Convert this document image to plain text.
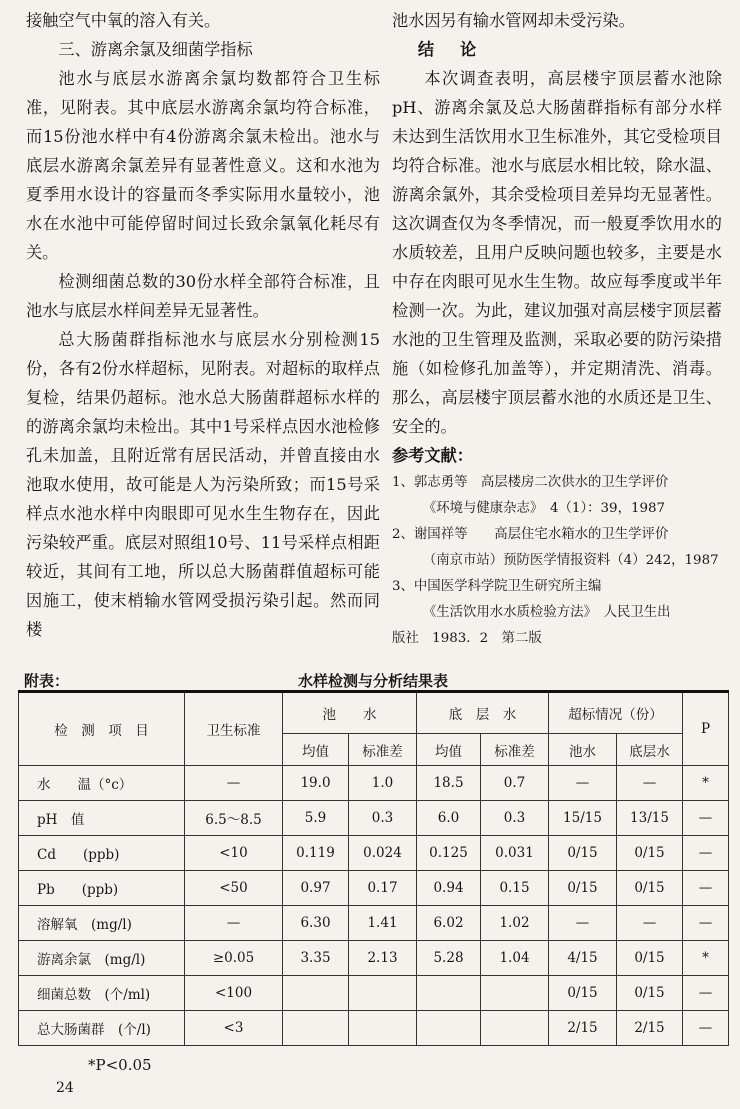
接触空气中氧的溶入有关。

三、游离余氯及细菌学指标

池水与底层水游离余氯均数都符合卫生标准，见附表。其中底层水游离余氯均符合标准，而15份池水样中有4份游离余氯未检出。池水与底层水游离余氯差异有显著性意义。这和水池为夏季用水设计的容量而冬季实际用水量较小，池水在水池中可能停留时间过长致余氯氧化耗尽有关。

检测细菌总数的30份水样全部符合标准，且池水与底层水样间差异无显著性。

总大肠菌群指标池水与底层水分别检测15份，各有2份水样超标，见附表。对超标的取样点复检，结果仍超标。池水总大肠菌群超标水样的的游离余氯均未检出。其中1号采样点因水池检修孔未加盖，且附近常有居民活动，并曾直接由水池取水使用，故可能是人为污染所致；而15号采样点水池水样中肉眼即可见水生生物存在，因此污染较严重。底层对照组10号、11号采样点相距较近，其间有工地，所以总大肠菌群值超标可能因施工，使末梢输水管网受损污染引起。然而同楼

池水因另有输水管网却未受污染。

结论

本次调查表明，高层楼宇顶层蓄水池除pH、游离余氯及总大肠菌群指标有部分水样未达到生活饮用水卫生标准外，其它受检项目均符合标准。池水与底层水相比较，除水温、游离余氯外，其余受检项目差异均无显著性。这次调查仅为冬季情况，而一般夏季饮用水的水质较差，且用户反映问题也较多，主要是水中存在肉眼可见水生生物。故应每季度或半年检测一次。为此，建议加强对高层楼宇顶层蓄水池的卫生管理及监测，采取必要的防污染措施（如检修孔加盖等），并定期清洗、消毒。那么，高层楼宇顶层蓄水池的水质还是卫生、安全的。

参考文献：

1、郭志勇等　高层楼房二次供水的卫生学评价
《环境与健康杂志》　4（1）：39，1987
2、谢国祥等　　高层住宅水箱水的卫生学评价
（南京市站）预防医学情报资料（4）242，1987
3、中国医学科学院卫生研究所主编
《生活饮用水水质检验方法》　人民卫生出
版社　1983．2　第二版
附表：	水样检测与分析结果表
检　测　项　目	卫生标准	池　　水		底　层　水		超标情况（份）		P
		均值	标准差	均值	标准差	池水	底层水	
水　　温（°c）	—	19.0	1.0	18.5	0.7	—	—	*
pH　值	6.5～8.5	5.9	0.3	6.0	0.3	15/15	13/15	—
Cd　　(ppb)	<10	0.119	0.024	0.125	0.031	0/15	0/15	—
Pb　　(ppb)	<50	0.97	0.17	0.94	0.15	0/15	0/15	—
溶解氧　(mg/l)	—	6.30	1.41	6.02	1.02	—	—	—
游离余氯　(mg/l)	≥0.05	3.35	2.13	5.28	1.04	4/15	0/15	*
细菌总数　(个/ml)	<100					0/15	0/15	—
总大肠菌群　(个/l)	<3					2/15	2/15	—
*P<0.05
24
